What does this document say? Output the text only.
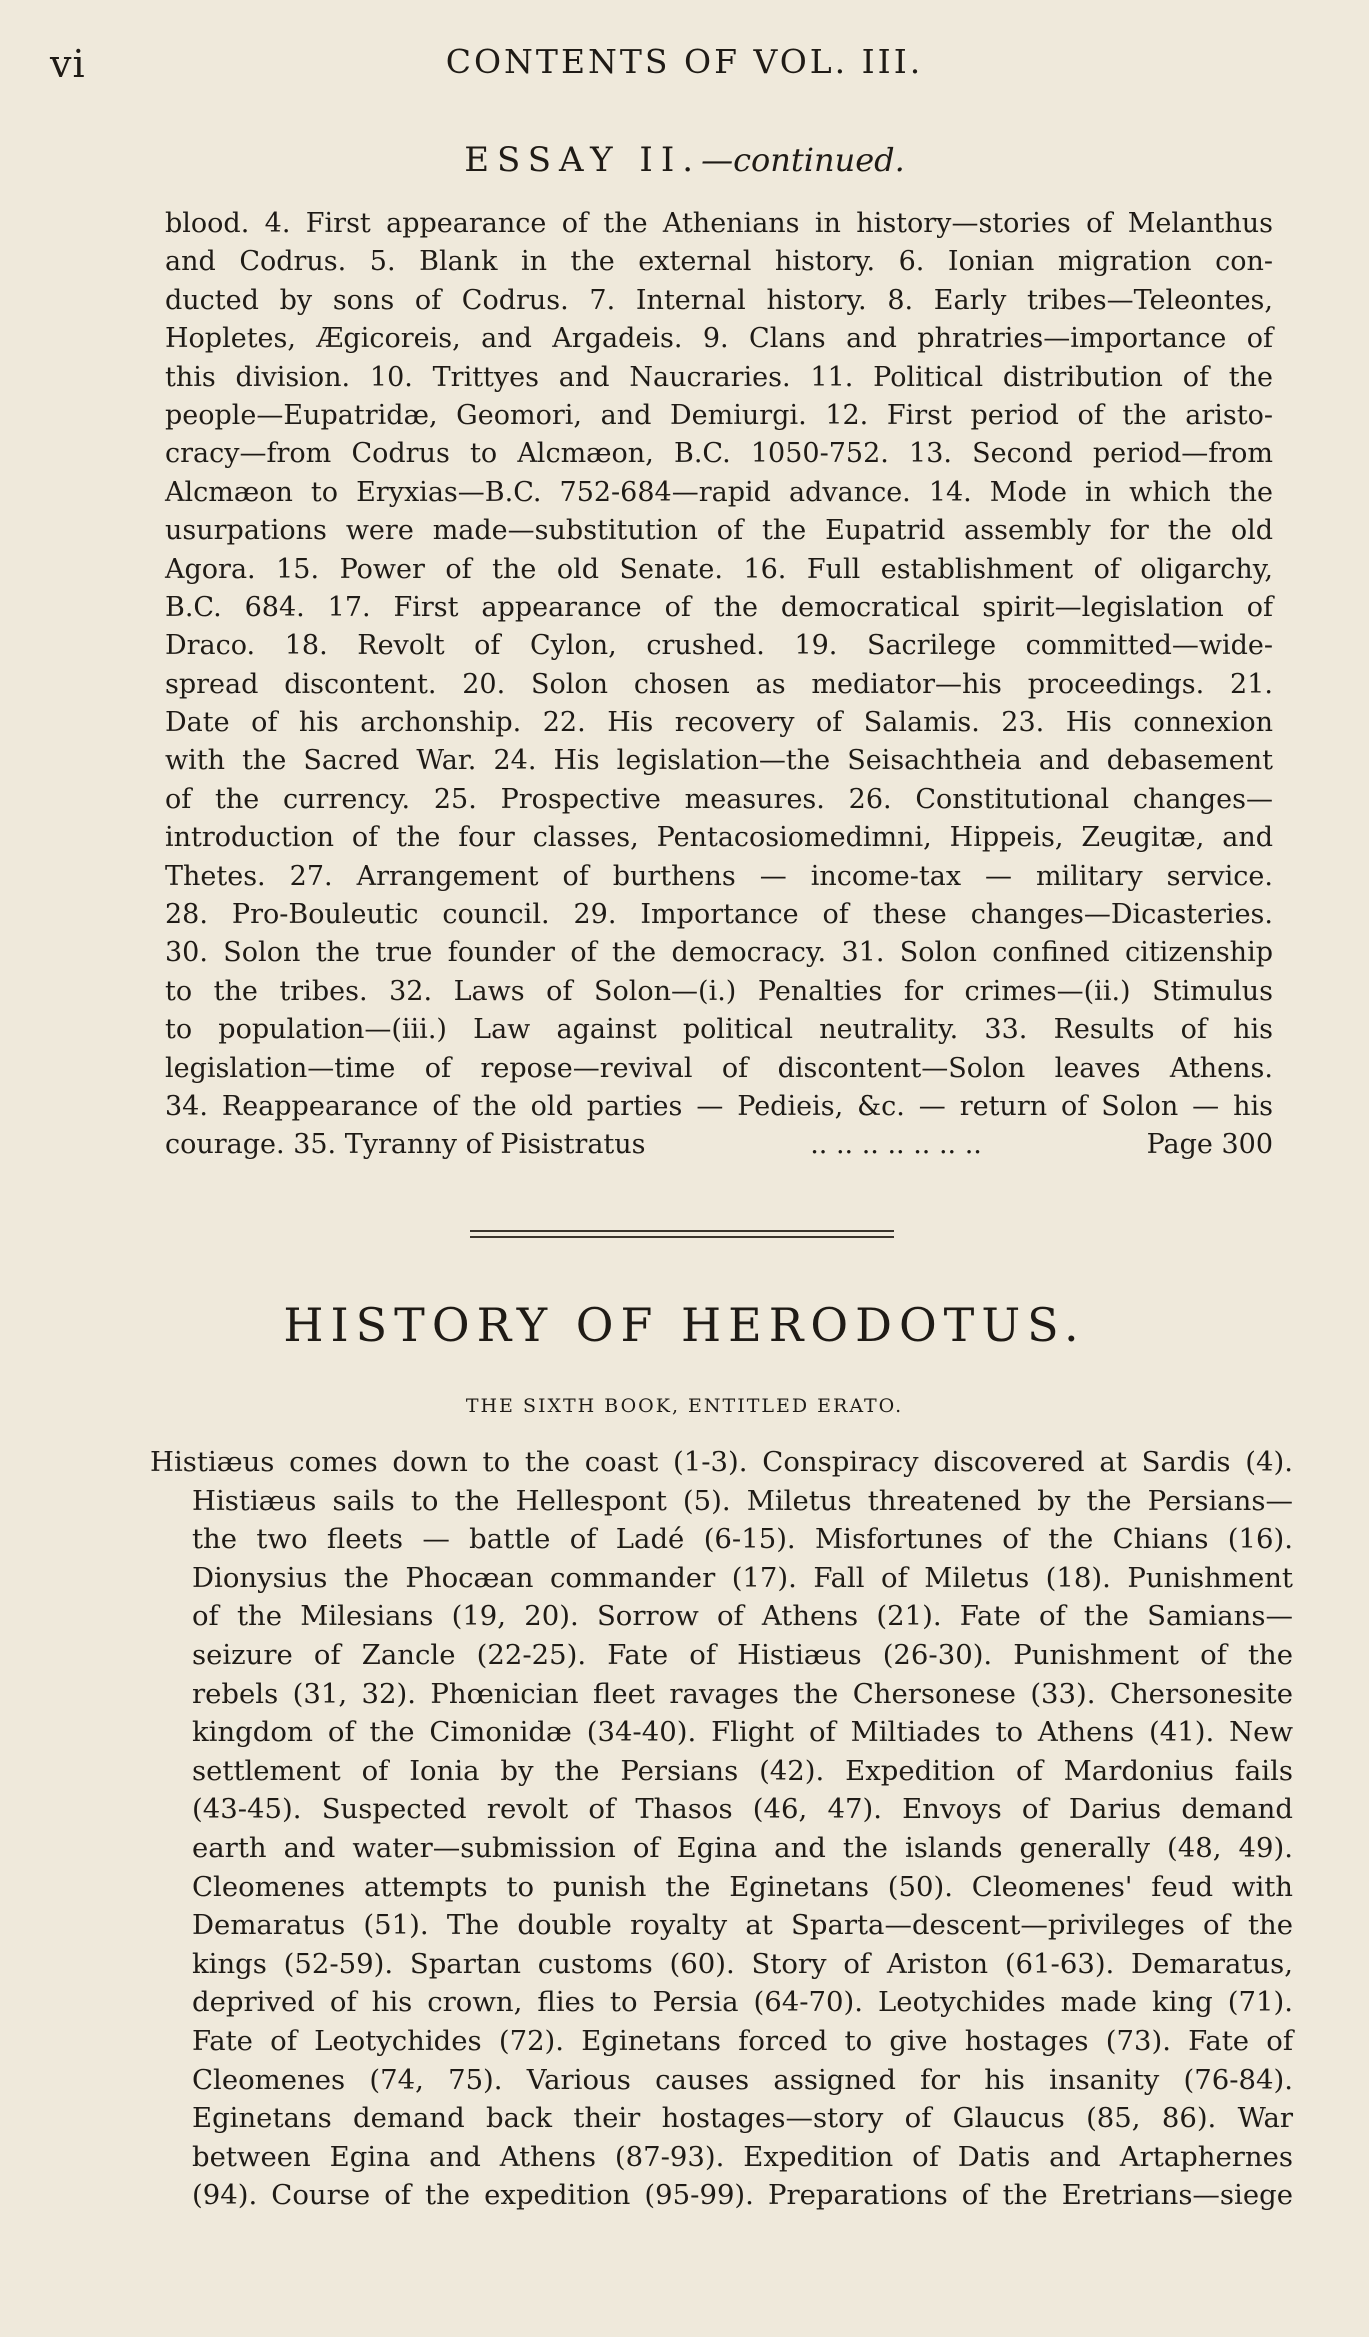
vi	CONTENTS OF VOL. III.
ESSAY II.—continued.
blood. 4. First appearance of the Athenians in history—stories of Melanthus
and Codrus. 5. Blank in the external history. 6. Ionian migration con-
ducted by sons of Codrus. 7. Internal history. 8. Early tribes—Teleontes,
Hopletes, Ægicoreis, and Argadeis. 9. Clans and phratries—importance of
this division. 10. Trittyes and Naucraries. 11. Political distribution of the
people—Eupatridæ, Geomori, and Demiurgi. 12. First period of the aristo-
cracy—from Codrus to Alcmæon, B.C. 1050-752. 13. Second period—from
Alcmæon to Eryxias—B.C. 752-684—rapid advance. 14. Mode in which the
usurpations were made—substitution of the Eupatrid assembly for the old
Agora. 15. Power of the old Senate. 16. Full establishment of oligarchy,
B.C. 684. 17. First appearance of the democratical spirit—legislation of
Draco. 18. Revolt of Cylon, crushed. 19. Sacrilege committed—wide-
spread discontent. 20. Solon chosen as mediator—his proceedings. 21.
Date of his archonship. 22. His recovery of Salamis. 23. His connexion
with the Sacred War. 24. His legislation—the Seisachtheia and debasement
of the currency. 25. Prospective measures. 26. Constitutional changes—
introduction of the four classes, Pentacosiomedimni, Hippeis, Zeugitæ, and
Thetes. 27. Arrangement of burthens — income-tax — military service.
28. Pro-Bouleutic council. 29. Importance of these changes—Dicasteries.
30. Solon the true founder of the democracy. 31. Solon confined citizenship
to the tribes. 32. Laws of Solon—(i.) Penalties for crimes—(ii.) Stimulus
to population—(iii.) Law against political neutrality. 33. Results of his
legislation—time of repose—revival of discontent—Solon leaves Athens.
34. Reappearance of the old parties — Pedieis, &c. — return of Solon — his
courage. 35. Tyranny of Pisistratus	.. .. .. .. .. .. ..	Page 300
HISTORY OF HERODOTUS.
THE SIXTH BOOK, ENTITLED ERATO.
Histiæus comes down to the coast (1-3). Conspiracy discovered at Sardis (4).
Histiæus sails to the Hellespont (5). Miletus threatened by the Persians—
the two fleets — battle of Ladé (6-15). Misfortunes of the Chians (16).
Dionysius the Phocæan commander (17). Fall of Miletus (18). Punishment
of the Milesians (19, 20). Sorrow of Athens (21). Fate of the Samians—
seizure of Zancle (22-25). Fate of Histiæus (26-30). Punishment of the
rebels (31, 32). Phœnician fleet ravages the Chersonese (33). Chersonesite
kingdom of the Cimonidæ (34-40). Flight of Miltiades to Athens (41). New
settlement of Ionia by the Persians (42). Expedition of Mardonius fails
(43-45). Suspected revolt of Thasos (46, 47). Envoys of Darius demand
earth and water—submission of Egina and the islands generally (48, 49).
Cleomenes attempts to punish the Eginetans (50). Cleomenes' feud with
Demaratus (51). The double royalty at Sparta—descent—privileges of the
kings (52-59). Spartan customs (60). Story of Ariston (61-63). Demaratus,
deprived of his crown, flies to Persia (64-70). Leotychides made king (71).
Fate of Leotychides (72). Eginetans forced to give hostages (73). Fate of
Cleomenes (74, 75). Various causes assigned for his insanity (76-84).
Eginetans demand back their hostages—story of Glaucus (85, 86). War
between Egina and Athens (87-93). Expedition of Datis and Artaphernes
(94). Course of the expedition (95-99). Preparations of the Eretrians—siege
